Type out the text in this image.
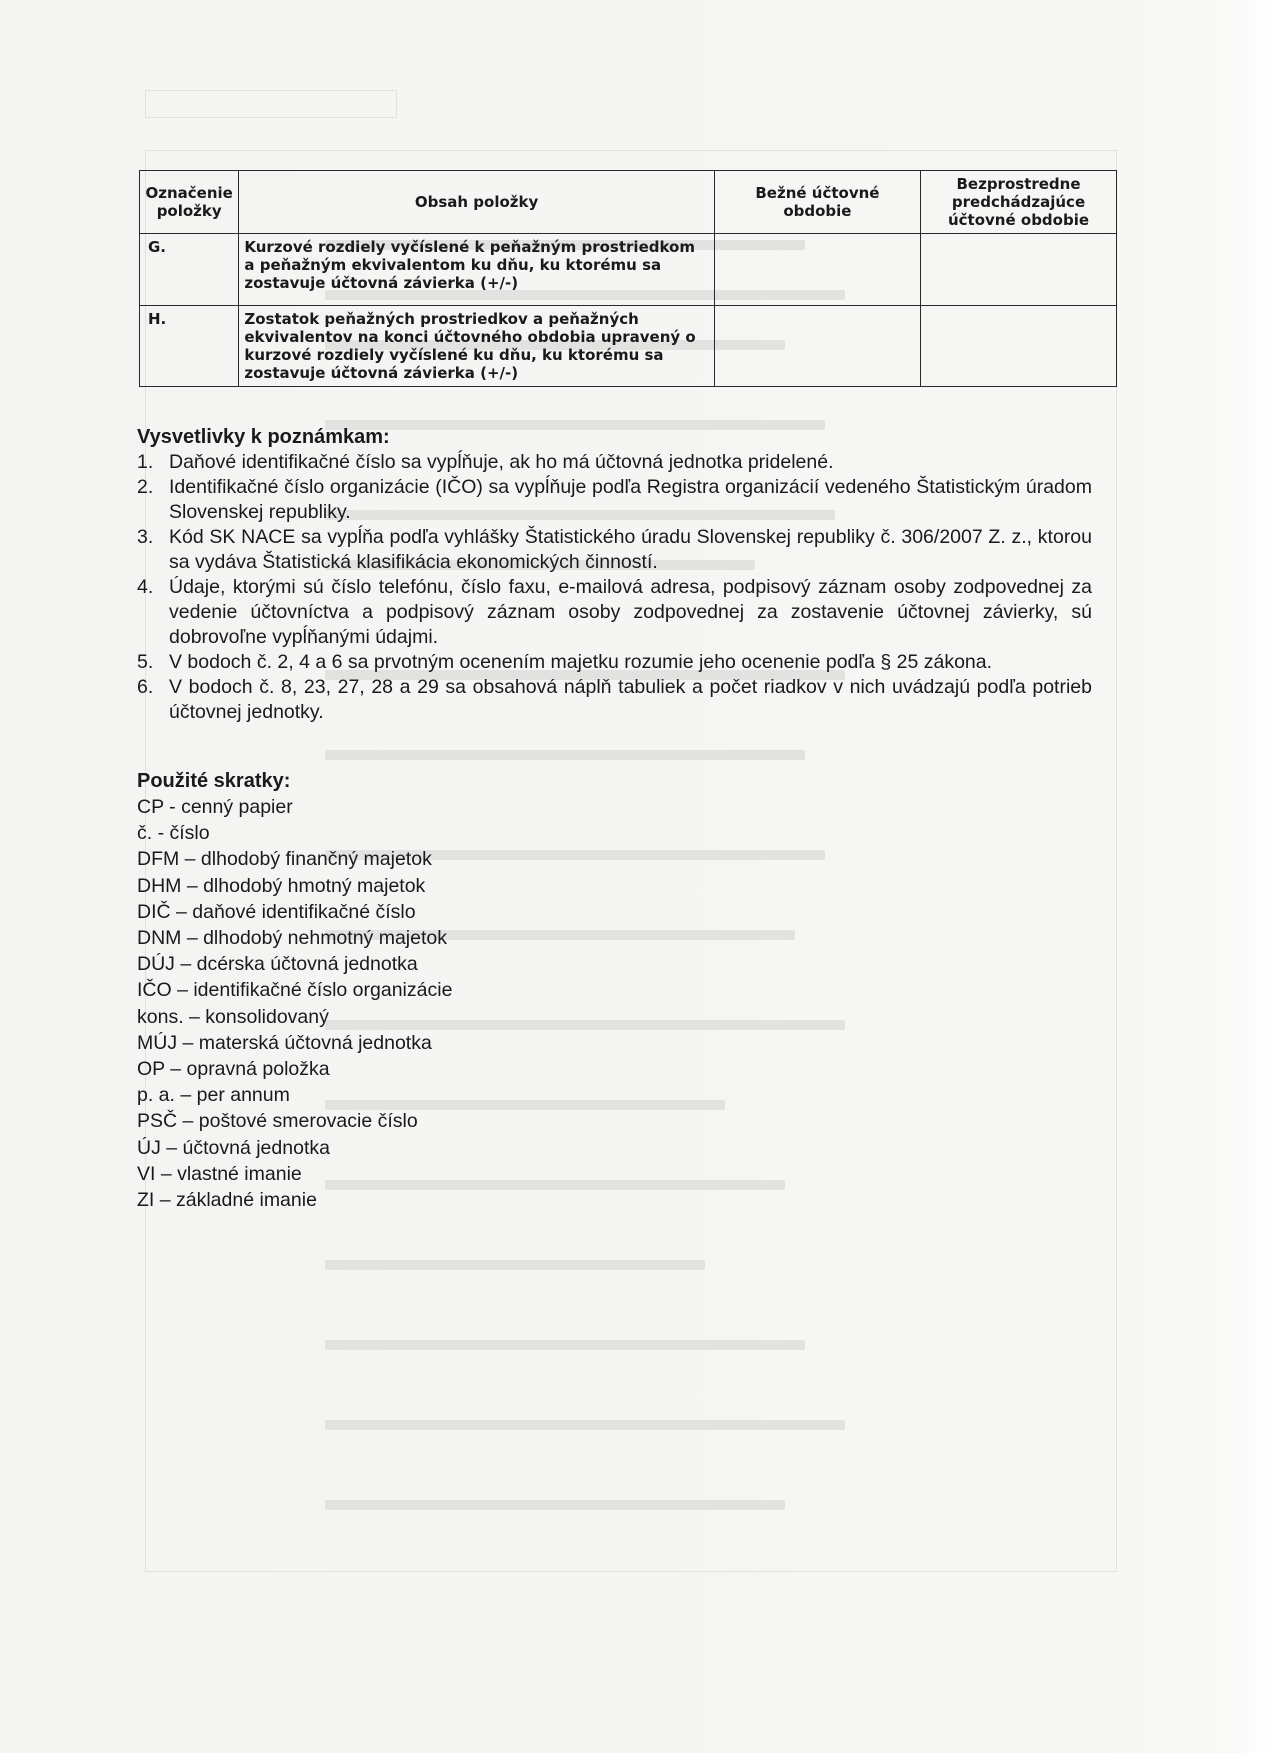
Označenie položky	Obsah položky	Bežné účtovné obdobie	Bezprostredne predchádzajúce účtovné obdobie
G.	Kurzové rozdiely vyčíslené k peňažným prostriedkom a peňažným ekvivalentom ku dňu, ku ktorému sa zostavuje účtovná závierka (+/-)		
H.	Zostatok peňažných prostriedkov a peňažných ekvivalentov na konci účtovného obdobia upravený o kurzové rozdiely vyčíslené ku dňu, ku ktorému sa zostavuje účtovná závierka (+/-)		
Vysvetlivky k poznámkam:
1. Daňové identifikačné číslo sa vypĺňuje, ak ho má účtovná jednotka pridelené.
2. Identifikačné číslo organizácie (IČO) sa vypĺňuje podľa Registra organizácií vedeného Štatistickým úradom Slovenskej republiky.
3. Kód SK NACE sa vypĺňa podľa vyhlášky Štatistického úradu Slovenskej republiky č. 306/2007 Z. z., ktorou sa vydáva Štatistická klasifikácia ekonomických činností.
4. Údaje, ktorými sú číslo telefónu, číslo faxu, e-mailová adresa, podpisový záznam osoby zodpovednej za vedenie účtovníctva a podpisový záznam osoby zodpovednej za zostavenie účtovnej závierky, sú dobrovoľne vypĺňanými údajmi.
5. V bodoch č. 2, 4 a 6 sa prvotným ocenením majetku rozumie jeho ocenenie podľa § 25 zákona.
6. V bodoch č. 8, 23, 27, 28 a 29 sa obsahová náplň tabuliek a počet riadkov v nich uvádzajú podľa potrieb účtovnej jednotky.
Použité skratky:
CP - cenný papier
č. - číslo
DFM – dlhodobý finančný majetok
DHM – dlhodobý hmotný majetok
DIČ – daňové identifikačné číslo
DNM – dlhodobý nehmotný majetok
DÚJ – dcérska účtovná jednotka
IČO – identifikačné číslo organizácie
kons. – konsolidovaný
MÚJ – materská účtovná jednotka
OP – opravná položka
p. a. – per annum
PSČ – poštové smerovacie číslo
ÚJ – účtovná jednotka
VI – vlastné imanie
ZI – základné imanie
